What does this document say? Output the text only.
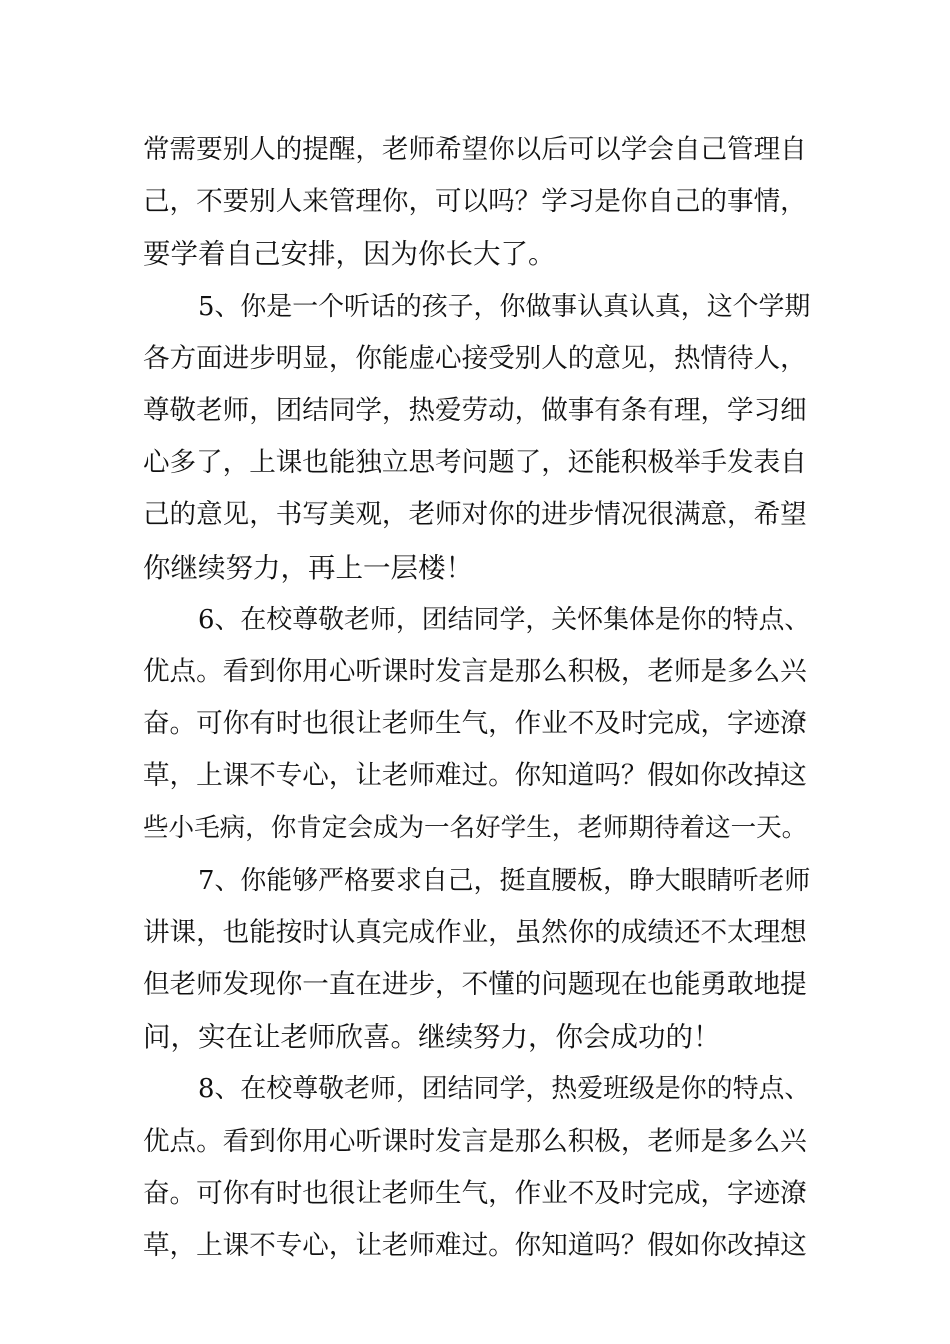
常需要别人的提醒，老师希望你以后可以学会自己管理自
己，不要别人来管理你，可以吗？学习是你自己的事情，
要学着自己安排，因为你长大了。
5、你是一个听话的孩子，你做事认真认真，这个学期
各方面进步明显，你能虚心接受别人的意见，热情待人，
尊敬老师，团结同学，热爱劳动，做事有条有理，学习细
心多了，上课也能独立思考问题了，还能积极举手发表自
己的意见，书写美观，老师对你的进步情况很满意，希望
你继续努力，再上一层楼！
6、在校尊敬老师，团结同学，关怀集体是你的特点、
优点。看到你用心听课时发言是那么积极，老师是多么兴
奋。可你有时也很让老师生气，作业不及时完成，字迹潦
草，上课不专心，让老师难过。你知道吗？假如你改掉这
些小毛病，你肯定会成为一名好学生，老师期待着这一天。
7、你能够严格要求自己，挺直腰板，睁大眼睛听老师
讲课，也能按时认真完成作业，虽然你的成绩还不太理想
但老师发现你一直在进步，不懂的问题现在也能勇敢地提
问，实在让老师欣喜。继续努力，你会成功的！
8、在校尊敬老师，团结同学，热爱班级是你的特点、
优点。看到你用心听课时发言是那么积极，老师是多么兴
奋。可你有时也很让老师生气，作业不及时完成，字迹潦
草，上课不专心，让老师难过。你知道吗？假如你改掉这
